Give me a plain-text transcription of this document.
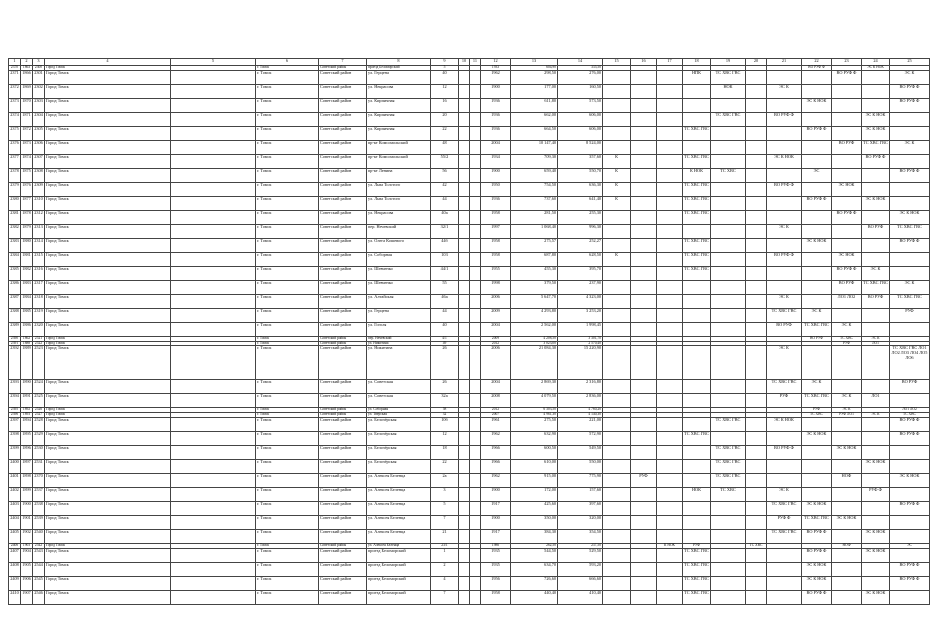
1	2	3	4	5	6	7	8	9	10	11	12	13	14	15	16	17	18	19	20	21	22	23	24	25
2370	1863	2300	Город Томск		г. Томск	Советский район	проезд Беломорский	5			1933	604,90	335,50								ВО РУФ Ф		ЭС К НОК	
2371	1866	2301	Город Томск		г. Томск	Советский район	ул. Герцена	40			1962	298,50	276,00				НПК	ТС ХВС ГВС				ВО РУФ Ф		ЭС К
2372	1869	2302	Город Томск		г. Томск	Советский район	ул. Некрасова	12			1900	177,00	160,50					НОК		ЭС К				ВО РУФ Ф
2373	1870	2303	Город Томск		г. Томск	Советский район	ул. Кирпичная	16			1936	611,80	573,50								ЭС К НОК			ВО РУФ Ф
2374	1871	2304	Город Томск		г. Томск	Советский район	ул. Кирпичная	20			1936	662,00	606,00					ТС ХВС ГВС		ВО РУФ Ф			ЭС К НОК	
2375	1872	2305	Город Томск		г. Томск	Советский район	ул. Кирпичная	22			1936	664,50	606,00				ТС ХВС ГВС				ВО РУФ Ф		ЭС К НОК	
2376	1873	2306	Город Томск		г. Томск	Советский район	пр-кт Комсомольский	48			2004	10 147,40	8 524,00									ВО РУФ	ТС ХВС ГВС	ЭС К
2377	1874	2307	Город Томск		г. Томск	Советский район	пр-кт Комсомольский	55/2			1934	709,30	357,60	К			ТС ХВС ГВС			ЭС К НОК			ВО РУФ Ф	
2378	1875	2308	Город Томск		г. Томск	Советский район	пр-кт Ленина	56			1900	659,40	550,70	К			К НОК	ТС ХВС			ЭС			ВО РУФ Ф
2379	1876	2309	Город Томск		г. Томск	Советский район	ул. Льва Толстого	42			1950	754,50	636,30	К			ТС ХВС ГВС			ВО РУФ Ф		ЭС НОК		
2380	1877	2310	Город Томск		г. Томск	Советский район	ул. Льва Толстого	44			1936	737,60	641,40	К			ТС ХВС ГВС				ВО РУФ Ф		ЭС К НОК	
2381	1878	2312	Город Томск		г. Томск	Советский район	ул. Некрасова	40а			1958	281,50	255,30				ТС ХВС ГВС					ВО РУФ Ф		ЭС К НОК
2382	1879	2313	Город Томск		г. Томск	Советский район	пер. Нечевский	32/1			1997	1 068,40	996,30							ЭС К			ВО РУФ	ТС ХВС ГВС
2383	1880	2314	Город Томск		г. Томск	Советский район	ул. Олега Кошевого	44б			1958	275,57	252,27				ТС ХВС ГВС				ЭС К НОК			ВО РУФ Ф
2384	1881	2315	Город Томск		г. Томск	Советский район	ул. Соборная	103			1958	687,80	628,50	К			ТС ХВС ГВС			ВО РУФ Ф		ЭС НОК		
2385	1882	2316	Город Томск		г. Томск	Советский район	ул. Шевченко	44/1			1955	455,30	395,70				ТС ХВС ГВС					ВО РУФ Ф	ЭС К	
2386	1883	2317	Город Томск		г. Томск	Советский район	ул. Шевченко	55			1998	379,50	237,90									ВО РУФ	ТС ХВС ГВС	ЭС К
2387	1884	2318	Город Томск		г. Томск	Советский район	ул. Алтайская	46а			2006	5 647,70	4 323,00							ЭС К		ЛО1 ЛО2	ВО РУФ	ТС ХВС ГВС
2388	1885	2319	Город Томск		г. Томск	Советский район	ул. Герцена	44			2009	4 293,80	3 253,20							ТС ХВС ГВС	ЭС К			РУФ
2389	1886	2320	Город Томск		г. Томск	Советский район	ул. Гоголя	40			2004	2 562,00	1 998,45							ВО РУФ	ТС ХВС ГВС	ЭС К		
2390	1862	2521	Город Томск		г. Томск	Советский район	пер. Нечевский	4/1			2009	4 208,50	3 301,70								ВО РУФ	ТС ХВС	ЭС К	
2391	1888	2522	Город Томск		г. Томск	Советский район	ул. Никитина	49			2012	3 023,00	2 570,40									РУФ	ЛО1	
2392	1889	2523	Город Томск		г. Томск	Советский район	ул. Никитина	26			2006	21 084,30	15 220,90							ЭС К				ТС ХВС ГВС ЛО1 ЛО2 ЛО3 ЛО4 ЛО5 ЛО6
2393	1890	2524	Город Томск		г. Томск	Советский район	ул. Советская	26			2004	2 869,30	2 316,80							ТС ХВС ГВС	ЭС К			ВО РУФ
2394	1891	2525	Город Томск		г. Томск	Советский район	ул. Советская	32а			2008	4 079,50	2 836,00							РУФ	ТС ХВС ГВС	ЭС К	ЛО1	
2395	1892	2526	Город Томск		г. Томск	Советский район	ул. Соборная	58			2012	6 303,50	4 760,20								РУФ	ЭС К		ЛО1 ЛО2
2396	1893	2527	Город Томск		г. Томск	Советский район	ул. Тверская	32			2007	4 961,30	4 140,30								ТС ХВС	РУФ ЛО1	ЭС К	ТС ХВС
2397	1894	2528	Город Томск		г. Томск	Советский район	ул. Белозёрская	10б			1961	275,50	221,00					ТС ХВС ГВС		ЭС К НОК				ВО РУФ Ф
2398	1895	2529	Город Томск		г. Томск	Советский район	ул. Белозёрская	12			1962	632,90	572,90				ТС ХВС ГВС				ЭС К НОК			ВО РУФ Ф
2399	1896	2530	Город Томск		г. Томск	Советский район	ул. Белозёрская	18			1966	600,50	549,50					ТС ХВС ГВС		ВО РУФ Ф		ЭС К НОК		
2400	1897	2531	Город Томск		г. Томск	Советский район	ул. Белозёрская	22			1966	610,00	550,00					ТС ХВС ГВС					ЭС К НОК	
2401	1898	2370	Город Томск		г. Томск	Советский район	ул. Алексея Беленца	2а			1962	915,00	775,90		РУФ			ТС ХВС ГВС				НОФ		ЭС К НОК
2402	1899	2537	Город Томск		г. Томск	Советский район	ул. Алексея Беленца	3			1900	172,00	157,60				НОК	ТС ХВС		ЭС К			РУФ Ф	
2403	1900	2538	Город Томск		г. Томск	Советский район	ул. Алексея Беленца	5			1917	425,60	397,60							ТС ХВС ГВС	ЭС К НОК			ВО РУФ Ф
2404	1901	2539	Город Томск		г. Томск	Советский район	ул. Алексея Беленца	7			1900	350,00	320,00							РУФ Ф	ТС ХВС ГВС	ЭС К НОК		
2405	1902	2540	Город Томск		г. Томск	Советский район	ул. Алексея Беленца	21			1917	384,30	354,50							ТС ХВС ГВС	ВО РУФ Ф		ЭС К НОК	
2406	1903	2542	Город Томск		г. Томск	Советский район	ул. Алексея Беленца	23/1			1986	262,50	237,50			К НОК	РУФ		ТС ХВС			НОФ		ЭС
2407	1904	2543	Город Томск		г. Томск	Советский район	проезд Беломорский	1			1935	544,50	529,50				ТС ХВС ГВС				ВО РУФ Ф		ЭС К НОК	
2408	1905	2544	Город Томск		г. Томск	Советский район	проезд Беломорский	2			1935	634,70	593,20				ТС ХВС ГВС				ЭС К НОК			ВО РУФ Ф
2409	1906	2545	Город Томск		г. Томск	Советский район	проезд Беломорский	4			1956	726,60	666,60				ТС ХВС ГВС				ЭС К НОК			ВО РУФ Ф
2410	1907	2546	Город Томск		г. Томск	Советский район	проезд Беломорский	7			1958	440,40	410,40				ТС ХВС ГВС				ВО РУФ Ф		ЭС К НОК	
